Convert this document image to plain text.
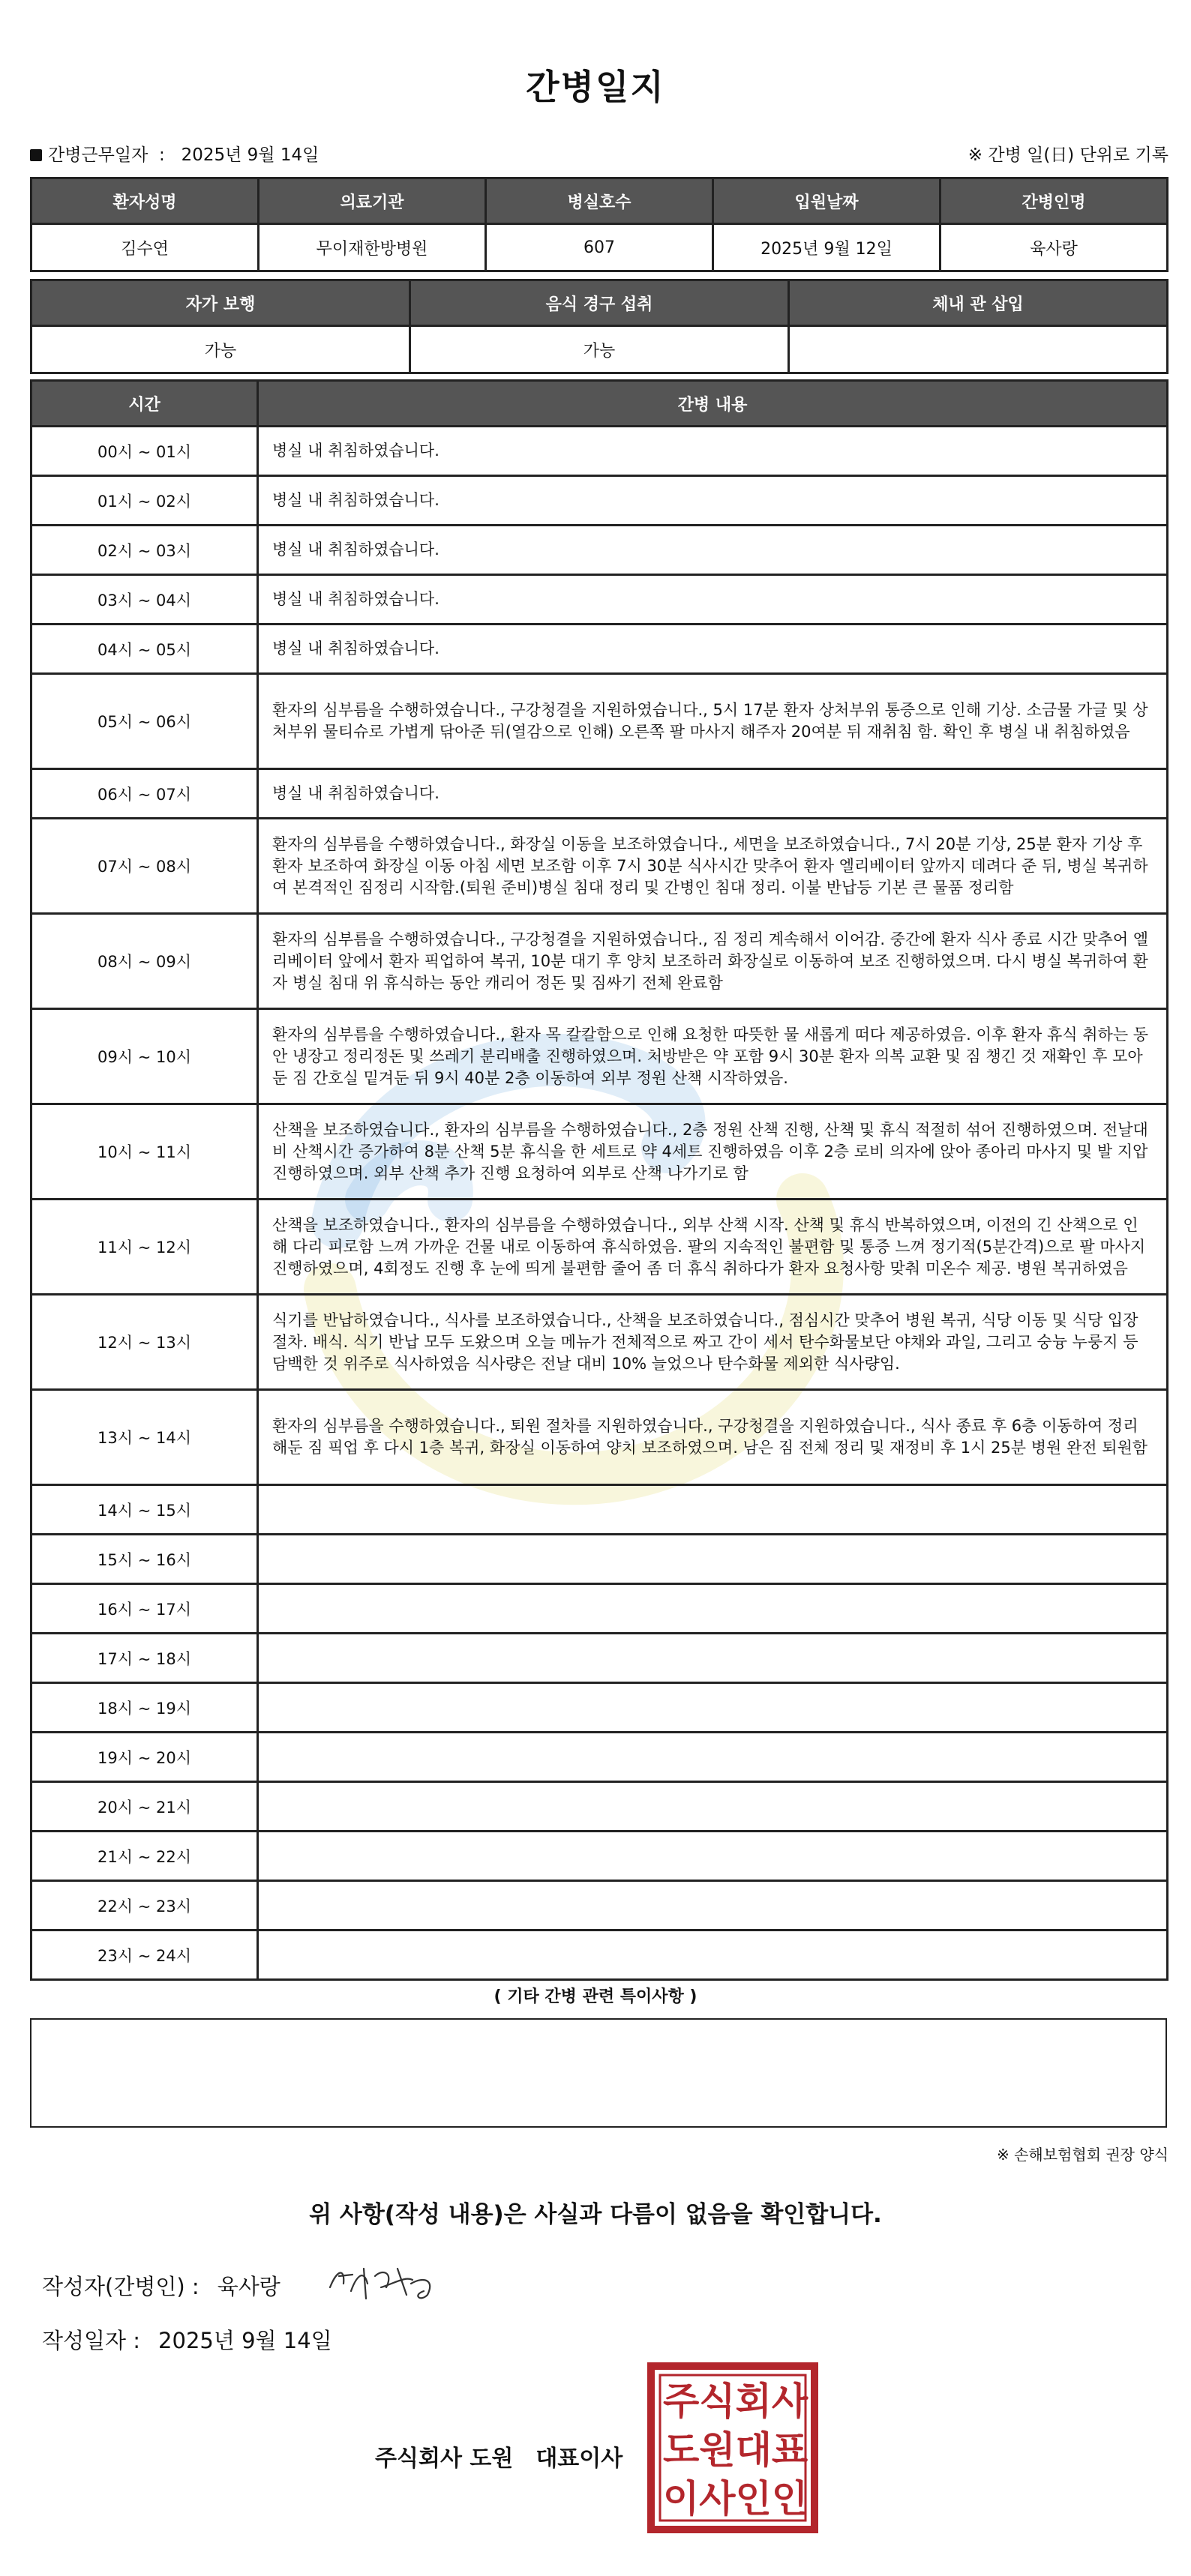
간병일지
간병근무일자 : 2025년 9월 14일	※ 간병 일(日) 단위로 기록
환자성명	의료기관	병실호수	입원날짜	간병인명
김수연	무이재한방병원	607	2025년 9월 12일	육사랑
자가 보행	음식 경구 섭취	체내 관 삽입
가능	가능	
시간	간병 내용
00시 ~ 01시	병실 내 취침하였습니다.
01시 ~ 02시	병실 내 취침하였습니다.
02시 ~ 03시	병실 내 취침하였습니다.
03시 ~ 04시	병실 내 취침하였습니다.
04시 ~ 05시	병실 내 취침하였습니다.
05시 ~ 06시	환자의 심부름을 수행하였습니다., 구강청결을 지원하였습니다., 5시 17분 환자 상처부위 통증으로 인해 기상. 소금물 가글 및 상처부위 물티슈로 가볍게 닦아준 뒤(열감으로 인해) 오른쪽 팔 마사지 해주자 20여분 뒤 재취침 함. 확인 후 병실 내 취침하였음
06시 ~ 07시	병실 내 취침하였습니다.
07시 ~ 08시	환자의 심부름을 수행하였습니다., 화장실 이동을 보조하였습니다., 세면을 보조하였습니다., 7시 20분 기상, 25분 환자 기상 후 환자 보조하여 화장실 이동 아침 세면 보조함 이후 7시 30분 식사시간 맞추어 환자 엘리베이터 앞까지 데려다 준 뒤, 병실 복귀하여 본격적인 짐정리 시작함.(퇴원 준비)병실 침대 정리 및 간병인 침대 정리. 이불 반납등 기본 큰 물품 정리함
08시 ~ 09시	환자의 심부름을 수행하였습니다., 구강청결을 지원하였습니다., 짐 정리 계속해서 이어감. 중간에 환자 식사 종료 시간 맞추어 엘리베이터 앞에서 환자 픽업하여 복귀, 10분 대기 후 양치 보조하러 화장실로 이동하여 보조 진행하였으며. 다시 병실 복귀하여 환자 병실 침대 위 휴식하는 동안 캐리어 정돈 및 짐싸기 전체 완료함
09시 ~ 10시	환자의 심부름을 수행하였습니다., 환자 목 칼칼함으로 인해 요청한 따뜻한 물 새롭게 떠다 제공하였음. 이후 환자 휴식 취하는 동안 냉장고 정리정돈 및 쓰레기 분리배출 진행하였으며. 처방받은 약 포함 9시 30분 환자 의복 교환 및 짐 챙긴 것 재확인 후 모아둔 짐 간호실 밑겨둔 뒤 9시 40분 2층 이동하여 외부 정원 산책 시작하였음.
10시 ~ 11시	산책을 보조하였습니다., 환자의 심부름을 수행하였습니다., 2층 정원 산책 진행, 산책 및 휴식 적절히 섞어 진행하였으며. 전날대비 산책시간 증가하여 8분 산책 5분 휴식을 한 세트로 약 4세트 진행하였음 이후 2층 로비 의자에 앉아 종아리 마사지 및 발 지압 진행하였으며. 외부 산책 추가 진행 요청하여 외부로 산책 나가기로 함
11시 ~ 12시	산책을 보조하였습니다., 환자의 심부름을 수행하였습니다., 외부 산책 시작. 산책 및 휴식 반복하였으며, 이전의 긴 산책으로 인해 다리 피로함 느껴 가까운 건물 내로 이동하여 휴식하였음. 팔의 지속적인 불편함 및 통증 느껴 정기적(5분간격)으로 팔 마사지 진행하였으며, 4회정도 진행 후 눈에 띄게 불편함 줄어 좀 더 휴식 취하다가 환자 요청사항 맞춰 미온수 제공. 병원 복귀하였음
12시 ~ 13시	식기를 반납하였습니다., 식사를 보조하였습니다., 산책을 보조하였습니다., 점심시간 맞추어 병원 복귀, 식당 이동 및 식당 입장 절차. 배식. 식기 반납 모두 도왔으며 오늘 메뉴가 전체적으로 짜고 간이 세서 탄수화물보단 야채와 과일, 그리고 숭늉 누룽지 등 담백한 것 위주로 식사하였음 식사량은 전날 대비 10% 늘었으나 탄수화물 제외한 식사량임.
13시 ~ 14시	환자의 심부름을 수행하였습니다., 퇴원 절차를 지원하였습니다., 구강청결을 지원하였습니다., 식사 종료 후 6층 이동하여 정리해둔 짐 픽업 후 다시 1층 복귀, 화장실 이동하여 양치 보조하였으며. 남은 짐 전체 정리 및 재정비 후 1시 25분 병원 완전 퇴원함
14시 ~ 15시	
15시 ~ 16시	
16시 ~ 17시	
17시 ~ 18시	
18시 ~ 19시	
19시 ~ 20시	
20시 ~ 21시	
21시 ~ 22시	
22시 ~ 23시	
23시 ~ 24시	
( 기타 간병 관련 특이사항 )
※ 손해보험협회 권장 양식
위 사항(작성 내용)은 사실과 다름이 없음을 확인합니다.
작성자(간병인) : 육사랑
작성일자 : 2025년 9월 14일
주식회사 도원 대표이사
주식회사
도원대표
이사인인
